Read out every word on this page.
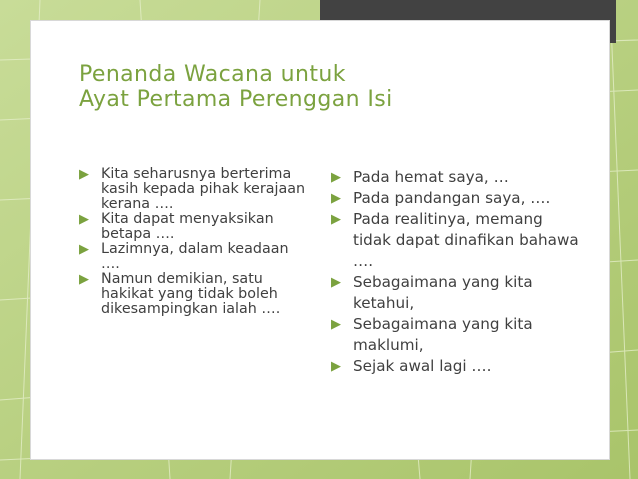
Penanda Wacana untuk
Ayat Pertama Perenggan Isi
▶ Kita seharusnya berterima kasih kepada pihak kerajaan kerana ….
▶ Kita dapat menyaksikan betapa ….
▶ Lazimnya, dalam keadaan ….
▶ Namun demikian, satu hakikat yang tidak boleh dikesampingkan ialah ….
▶ Pada hemat saya, …
▶ Pada pandangan saya, ….
▶ Pada realitinya, memang tidak dapat dinafikan bahawa ….
▶ Sebagaimana yang kita ketahui,
▶ Sebagaimana yang kita maklumi,
▶ Sejak awal lagi ….
